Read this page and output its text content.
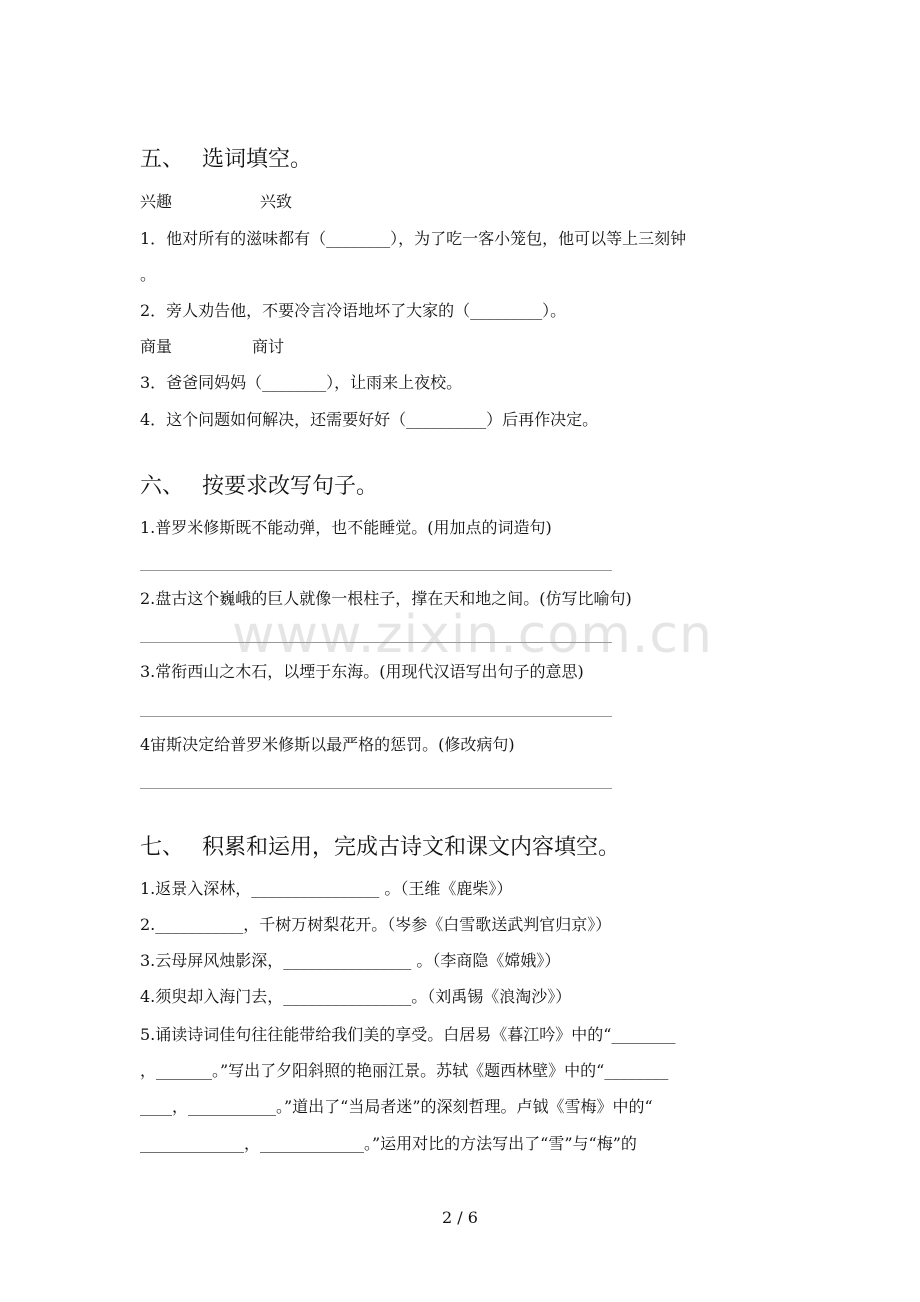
www.zixin.com.cn
五、 选词填空。
兴趣	兴致
1．他对所有的滋味都有（________），为了吃一客小笼包，他可以等上三刻钟
。
2．旁人劝告他，不要冷言冷语地坏了大家的（_________）。
商量	商讨
3．爸爸同妈妈（________），让雨来上夜校。
4．这个问题如何解决，还需要好好（__________）后再作决定。
六、 按要求改写句子。
1.普罗米修斯既不能动弹，也不能睡觉。(用加点的词造句)
2.盘古这个巍峨的巨人就像一根柱子，撑在天和地之间。(仿写比喻句)
3.常衔西山之木石，以堙于东海。(用现代汉语写出句子的意思)
4宙斯决定给普罗米修斯以最严格的惩罚。(修改病句)
七、 积累和运用，完成古诗文和课文内容填空。
1.返景入深林，________________ 。（王维《鹿柴》）
2.___________，千树万树梨花开。（岑参《白雪歌送武判官归京》）
3.云母屏风烛影深，________________ 。（李商隐《嫦娥》）
4.须臾却入海门去，________________。（刘禹锡《浪淘沙》）
5.诵读诗词佳句往往能带给我们美的享受。白居易《暮江吟》中的“________
，_______。”写出了夕阳斜照的艳丽江景。苏轼《题西林壁》中的“________
____，___________。”道出了“当局者迷”的深刻哲理。卢钺《雪梅》中的“
_____________，_____________。”运用对比的方法写出了“雪”与“梅”的
2 / 6
